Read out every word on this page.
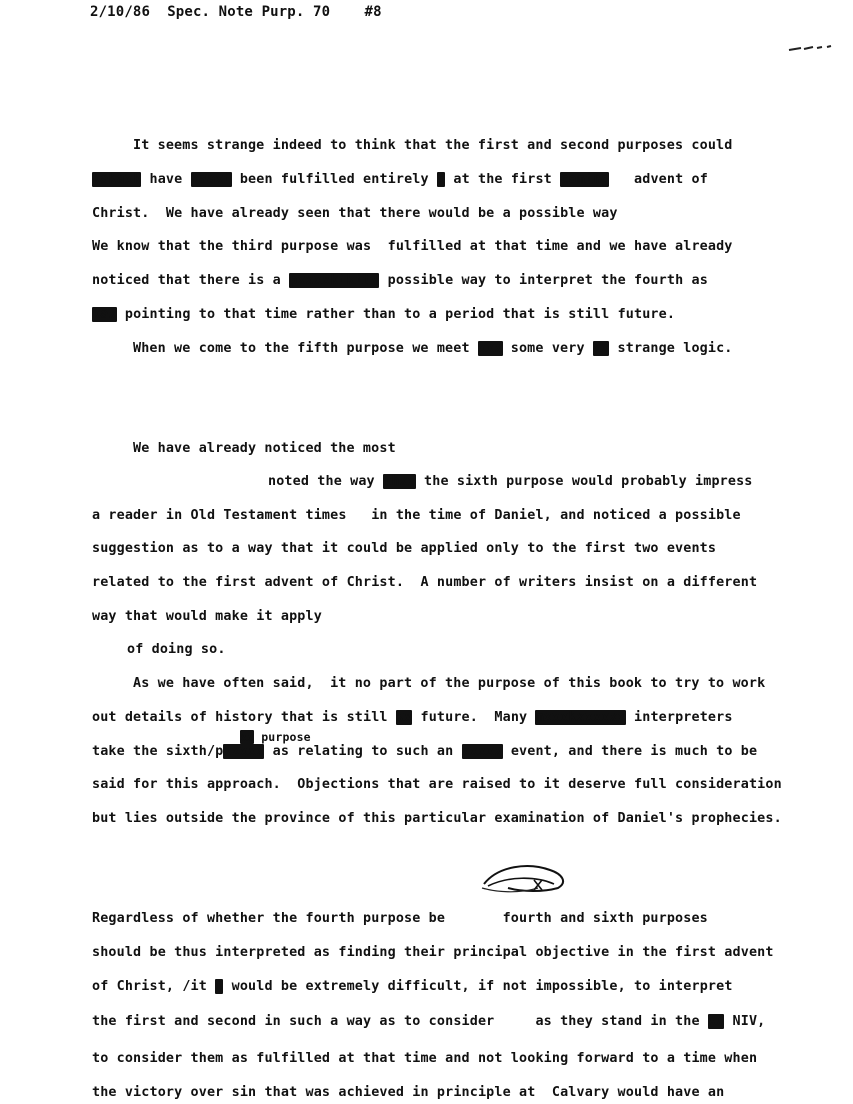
2/10/86  Spec. Note Purp. 70    #8
It seems strange indeed to think that the first and second purposes could
kakaxk have kaaxi been fulfilled entirely x at the first coming   advent of
Christ.  We have already seen that there would be a possible way
We know that the third purpose was  fulfilled at that time and we have already
noticed that there is a pxxxxkikity possible way to interpret the fourth as
kax pointing to that time rather than to a period that is still future.
When we come to the fifth purpose we meet xxx some very xx strange logic.
We have already noticed the most
noted the way thxx the sixth purpose would probably impress
a reader in Old Testament times   in the time of Daniel, and noticed a possible
suggestion as to a way that it could be applied only to the first two events
related to the first advent of Christ.  A number of writers insist on a different
way that would make it apply
of doing so.
As we have often said,  it no part of the purpose of this book to try to work
out details of history that is still kx future.  Many mxxxkxxxxxx interpreters
xx purpose
take the sixth/pxxxxx as relating to such an xxxxx event, and there is much to be
said for this approach.  Objections that are raised to it deserve full consideration
but lies outside the province of this particular examination of Daniel's prophecies.
Regardless of whether the fourth purpose be       fourth and sixth purposes
should be thus interpreted as finding their principal objective in the first advent
of Christ, /it x would be extremely difficult, if not impossible, to interpret
the first and second in such a way as to consider     as they stand in the XX NIV,
to consider them as fulfilled at that time and not looking forward to a time when
the victory over sin that was achieved in principle at  Calvary would have an
